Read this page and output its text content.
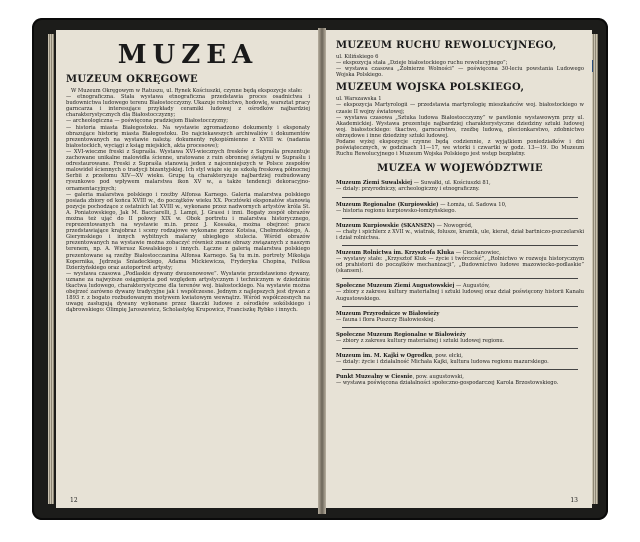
MUZEA
MUZEUM OKRĘGOWE

W Muzeum Okręgowym w Ratuszu, ul. Rynek Kościuszki, czynne będą ekspozycje stałe:
— etnograficzna. Stała wystawa etnograficzna przedstawia proces osadnictwa i budownictwa ludowego terenu Białostocczyzny. Ukazuje rolnictwo, hodowlę, warsztat pracy garncarza i interesujące przykłady ceramiki ludowej z ośrodków najbardziej charakterystycznych dla Białostocczyzny;
— archeologiczna — poświęcona pradziejom Białostocczyzny;
— historia miasta Białegostoku. Na wystawie zgromadzono dokumenty i eksponaty obrazujące historię miasta Białegostoku. Do najciekawszych archiwaliów i dokumentów prezentowanych na wystawie należą: dokumenty rękopiśmienne z XVIII w. (nadania białostockich, wyciągi z ksiąg miejskich, akta procesowe);
— XVI-wieczne freski z Supraśla. Wystawa XVI-wiecznych fresków z Supraśla prezentuje zachowane unikalne malowidła ścienne, uratowane z ruin obronnej świątyni w Supraślu i odrestaurowane. Freski z Supraśla stanowią jeden z najcenniejszych w Polsce zespołów malowideł ściennych o tradycji bizantyjskiej. Ich styl wiąże się ze szkołą freskową północnej Serbii z przełomu XIV—XV wieku. Grupę tą charakteryzuje najbardziej rozbudowany rysunkowo pod wpływem malarstwa ikon XV w., a także tendencji dekoracyjno-ornamentacyjnych;
— galeria malarstwa polskiego i rzeźby Alfonsa Karnego. Galeria malarstwa polskiego posiada zbiory od końca XVIII w., do początków wieku XX. Pocztówki eksponatów stanowią pozycje pochodzące z ostatnich lat XVIII w., wykonane przez nadwornych artystów króla St. A. Poniatowskiego, Jak M. Bacciarelli, J. Lampi, J. Grassi i inni. Bogaty zespół obrazów można też ująć do II połowy XIX w. Obok portretu i malarstwa historycznego, reprezentowanych na wystawie m.in. przez J. Kossaka, można obejrzeć prace przedstawiające krajobraz i sceny rodzajowe wykonane przez Kotsisa, Chełmońskiego, A. Gierymskiego i innych wybitnych malarzy ubiegłego stulecia. Wśród obrazów prezentowanych na wystawie można zobaczyć również znane obrazy związanych z naszym terenem, np. A. Wierusz Kowalskiego i innych. Łączne z galerią malarstwa polskiego prezentowane są rzeźby Białostocczanina Alfonsa Karnego. Są tu m.in. portrety Mikołaja Kopernika, Jędrzeja Śniadeckiego, Adama Mickiewicza, Fryderyka Chopina, Feliksa Dzierżyńskiego oraz autoportret artysty;
— wystawa czasowa „Podlaskie dywany dwuosnowowe”. Wystawie przedstawiono dywany, uznane za najwyższe osiągnięcia pod względem artystycznym i technicznym w dziedzinie tkactwa ludowego, charakterystyczne dla terenów woj. białostockiego. Na wystawie można obejrzeć zarówno dywany tradycyjne jak i współczesne. Jednym z najlepszych jest dywan z 1893 r. z bogato rozbudowanym motywem kwiatowym wewnątrz. Wśród współczesnych na uwagę zasługują dywany wykonane przez tkaczki ludowe z ośrodków sokólskiego i dąbrowskiego: Olimpię Jaroszewicz, Scholastykę Krupowicz, Franciszkę Rybko i innych.

12
MUZEUM RUCHU REWOLUCYJNEGO,

ul. Kilińskiego 6
— ekspozycja stała „Dzieje białostockiego ruchu rewolucyjnego”;
— wystawa czasowa „Żołnierze Wolności” — poświęcona 30-leciu powstania Ludowego Wojska Polskiego.

MUZEUM WOJSKA POLSKIEGO,

ul. Warszawska 1
— ekspozycja Martyrologii — przedstawia martyrologię mieszkańców woj. białostockiego w czasie II wojny światowej;
— wystawa czasowa „Sztuka ludowa Białostocczyzny” w pawilonie wystawowym przy ul. Akademickiej. Wystawa prezentuje najbardziej charakterystyczne dziedziny sztuki ludowej woj. białostockiego: tkactwo, garncarstwo, rzeźbę ludową, plecionkarstwo, zdobnictwo obrzędowe i inne dziedziny sztuki ludowej.
Podane wyżej ekspozycje czynne będą codziennie, z wyjątkiem poniedziałków i dni poświątecznych, w godzinach 11—17, we wtorki i czwartki w godz. 13—19. Do Muzeum Ruchu Rewolucyjnego i Muzeum Wojska Polskiego jest wstęp bezpłatny.

MUZEA W WOJEWÓDZTWIE

Muzeum Ziemi Suwalskiej — Suwałki, ul. Kościuszki 81,
— działy: przyrodniczy, archeologiczny i etnograficzny.

Muzeum Regionalne (Kurpiowskie) — Łomża, ul. Sadowa 10,
— historia regionu kurpiowsko-łomżyńskiego.

Muzeum Kurpiowskie (SKANSEN) — Nowogród,
— chaty i spichlerz z XVII w., wiatrak, folusze, kramik, ule, kierat, dział bartniczo-pszczelarski i dział rolnictwa.

Muzeum Rolnictwa im. Krzysztofa Kluka — Ciechanowiec,
— wystawy stałe: „Krzysztof Kluk — życie i twórczość”, „Rolnictwo w rozwoju historycznym od prahistorii do początków mechanizacji”, „Budownictwo ludowe mazowiecko-podlaskie” (skansen).

Społeczne Muzeum Ziemi Augustowskiej — Augustów,
— zbiory z zakresu kultury materialnej i sztuki ludowej oraz dział poświęcony historii Kanału Augustowskiego.

Muzeum Przyrodnicze w Białowieży
— fauna i flora Puszczy Białowieskiej.

Społeczne Muzeum Regionalne w Białowieży
— zbiory z zakresu kultury materialnej i sztuki ludowej regionu.

Muzeum im. M. Kajki w Ogrodku, pow. ełcki,
— działy: życie i działalność Michała Kajki, kultura ludowa regionu mazurskiego.

Punkt Muzealny w Ciesnie, pow. augustowski,
— wystawa poświęcona działalności społeczno-gospodarczej Karola Brzostowskiego.

13
